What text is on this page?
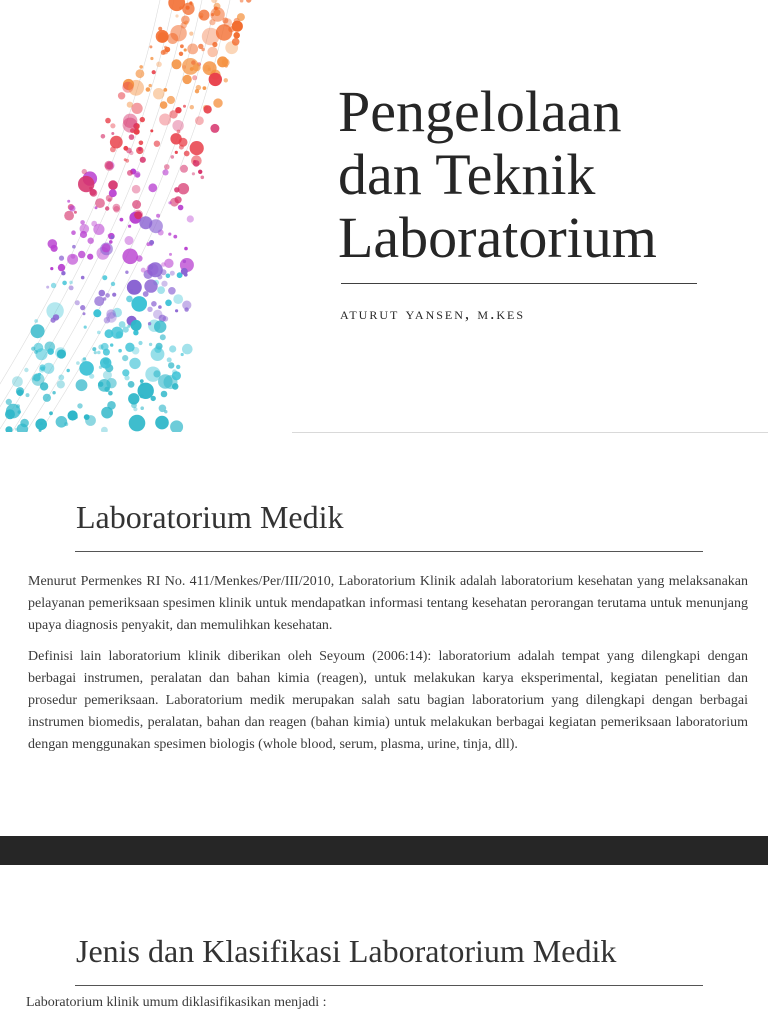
Pengelolaan
dan Teknik
Laboratorium
aturut yansen, m.kes
Laboratorium Medik

Menurut Permenkes RI No. 411/Menkes/Per/III/2010, Laboratorium Klinik adalah laboratorium kesehatan yang melaksanakan pelayanan pemeriksaan spesimen klinik untuk mendapatkan informasi tentang kesehatan perorangan terutama untuk menunjang upaya diagnosis penyakit, dan memulihkan kesehatan.

Definisi lain laboratorium klinik diberikan oleh Seyoum (2006:14): laboratorium adalah tempat yang dilengkapi dengan berbagai instrumen, peralatan dan bahan kimia (reagen), untuk melakukan karya eksperimental, kegiatan penelitian dan prosedur pemeriksaan. Laboratorium medik merupakan salah satu bagian laboratorium yang dilengkapi dengan berbagai instrumen biomedis, peralatan, bahan dan reagen (bahan kimia) untuk melakukan berbagai kegiatan pemeriksaan laboratorium dengan menggunakan spesimen biologis (whole blood, serum, plasma, urine, tinja, dll).

Jenis dan Klasifikasi Laboratorium Medik
Laboratorium klinik umum diklasifikasikan menjadi :
